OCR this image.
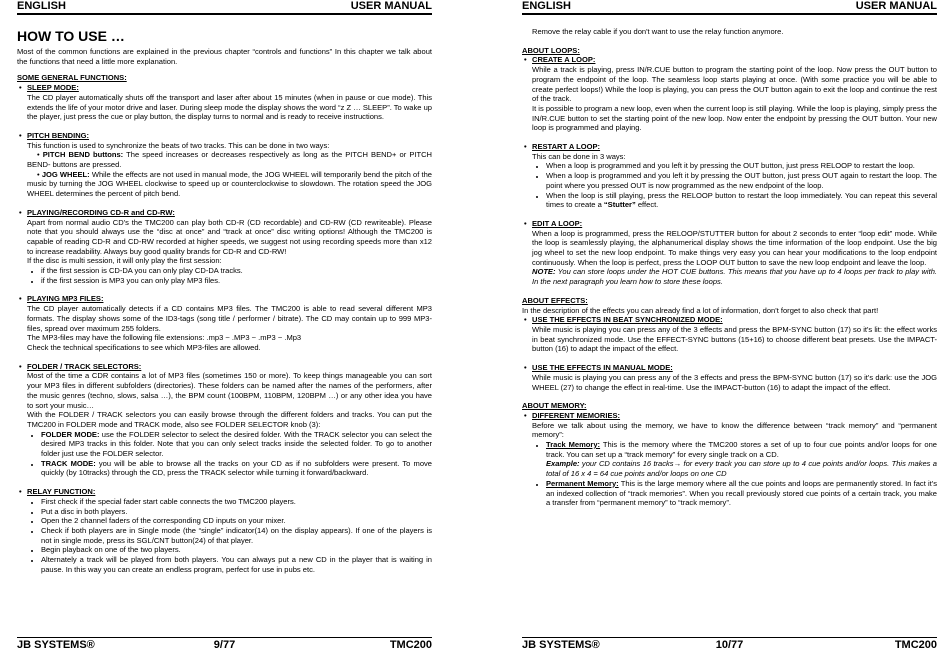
ENGLISH	USER MANUAL
HOW TO USE …

Most of the common functions are explained in the previous chapter “controls and functions” In this chapter we talk about the functions that need a little more explanation.

SOME GENERAL FUNCTIONS:
• SLEEP MODE:

The CD player automatically shuts off the transport and laser after about 15 minutes (when in pause or cue mode). This extends the life of your motor drive and laser. During sleep mode the display shows the word “z Z … SLEEP”. To wake up the player, just press the cue or play button, the display turns to normal and is ready to receive instructions.

• PITCH BENDING:

This function is used to synchronize the beats of two tracks. This can be done in two ways:

• PITCH BEND buttons: The speed increases or decreases respectively as long as the PITCH BEND+ or PITCH BEND- buttons are pressed.

• JOG WHEEL: While the effects are not used in manual mode, the JOG WHEEL will temporarily bend the pitch of the music by turning the JOG WHEEL clockwise to speed up or counterclockwise to slowdown. The rotation speed the JOG WHEEL determines the percent of pitch bend.

• PLAYING/RECORDING CD-R and CD-RW:

Apart from normal audio CD's the TMC200 can play both CD-R (CD recordable) and CD-RW (CD rewriteable). Please note that you should always use the “disc at once” and “track at once” disc writing options! Although the TMC200 is capable of reading CD-R and CD-RW recorded at higher speeds, we suggest not using recording speeds more than x12 to increase readability. Always buy good quality brands for CD-R and CD-RW!

If the disc is multi session, it will only play the first session:

• if the first session is CD-DA you can only play CD-DA tracks.
• if the first session is MP3 you can only play MP3 files.
• PLAYING MP3 FILES:

The CD player automatically detects if a CD contains MP3 files. The TMC200 is able to read several different MP3 formats. The display shows some of the ID3-tags (song title / performer / bitrate). The CD may contain up to 999 MP3- files, spread over maximum 255 folders.

The MP3-files may have the following file extensions: .mp3 ~ .MP3 ~ .mP3 ~ .Mp3

Check the technical specifications to see which MP3-files are allowed.

• FOLDER / TRACK SELECTORS:

Most of the time a CDR contains a lot of MP3 files (sometimes 150 or more). To keep things manageable you can sort your MP3 files in different subfolders (directories). These folders can be named after the names of the performers, after the music genres (techno, slows, salsa …), the BPM count (100BPM, 110BPM, 120BPM …) or any other idea you have to sort your music…

With the FOLDER / TRACK selectors you can easily browse through the different folders and tracks. You can put the TMC200 in FOLDER mode and TRACK mode, also see FOLDER SELECTOR knob (3):

• FOLDER MODE: use the FOLDER selector to select the desired folder. With the TRACK selector you can select the desired MP3 tracks in this folder. Note that you can only select tracks inside the selected folder. To go to another folder just use the FOLDER selector.
• TRACK MODE: you will be able to browse all the tracks on your CD as if no subfolders were present. To move quickly (by 10tracks) through the CD, press the TRACK selector while turning it forward/backward.
• RELAY FUNCTION:
• First check if the special fader start cable connects the two TMC200 players.
• Put a disc in both players.
• Open the 2 channel faders of the corresponding CD inputs on your mixer.
• Check if both players are in Single mode (the “single” indicator(14) on the display appears). If one of the players is not in single mode, press its SGL/CNT button(24) of that player.
• Begin playback on one of the two players.
• Alternately a track will be played from both players. You can always put a new CD in the player that is waiting in pause. In this way you can create an endless program, perfect for use in pubs etc.
JB SYSTEMS®	9/77	TMC200
ENGLISH	USER MANUAL

Remove the relay cable if you don't want to use the relay function anymore.

ABOUT LOOPS:
• CREATE A LOOP:

While a track is playing, press IN/R.CUE button to program the starting point of the loop. Now press the OUT button to program the endpoint of the loop. The seamless loop starts playing at once. (With some practice you will be able to create perfect loops!) While the loop is playing, you can press the OUT button again to exit the loop and continue the rest of the track.

It is possible to program a new loop, even when the current loop is still playing. While the loop is playing, simply press the IN/R.CUE button to set the starting point of the new loop. Now enter the endpoint by pressing the OUT button. Your new loop is programmed and playing.

• RESTART A LOOP:

This can be done in 3 ways:

• When a loop is programmed and you left it by pressing the OUT button, just press RELOOP to restart the loop.
• When a loop is programmed and you left it by pressing the OUT button, just press OUT again to restart the loop. The point where you pressed OUT is now programmed as the new endpoint of the loop.
• When the loop is still playing, press the RELOOP button to restart the loop immediately. You can repeat this several times to create a “Stutter” effect.
• EDIT A LOOP:

When a loop is programmed, press the RELOOP/STUTTER button for about 2 seconds to enter “loop edit” mode. While the loop is seamlessly playing, the alphanumerical display shows the time information of the loop endpoint. Use the big jog wheel to set the new loop endpoint. To make things very easy you can hear your modifications to the loop endpoint continuously. When the loop is perfect, press the LOOP OUT button to save the new loop endpoint and leave the loop.

NOTE: You can store loops under the HOT CUE buttons. This means that you have up to 4 loops per track to play with. In the next paragraph you learn how to store these loops.

ABOUT EFFECTS:

In the description of the effects you can already find a lot of information, don't forget to also check that part!

• USE THE EFFECTS IN BEAT SYNCHRONIZED MODE:

While music is playing you can press any of the 3 effects and press the BPM-SYNC button (17) so it's lit: the effect works in beat synchronized mode. Use the EFFECT-SYNC buttons (15+16) to choose different beat presets. Use the IMPACT-button (16) to adapt the impact of the effect.

• USE THE EFFECTS IN MANUAL MODE:

While music is playing you can press any of the 3 effects and press the BPM-SYNC button (17) so it's dark: use the JOG WHEEL (27) to change the effect in real-time. Use the IMPACT-button (16) to adapt the impact of the effect.

ABOUT MEMORY:
• DIFFERENT MEMORIES:

Before we talk about using the memory, we have to know the difference between “track memory” and “permanent memory”:

• Track Memory: This is the memory where the TMC200 stores a set of up to four cue points and/or loops for one track. You can set up a “track memory” for every single track on a CD.
Example: your CD contains 16 tracks→ for every track you can store up to 4 cue points and/or loops. This makes a total of 16 x 4 = 64 cue points and/or loops on one CD
• Permanent Memory: This is the large memory where all the cue points and loops are permanently stored. In fact it's an indexed collection of “track memories”. When you recall previously stored cue points of a certain track, you make a transfer from “permanent memory” to “track memory”.
JB SYSTEMS®	10/77	TMC200
